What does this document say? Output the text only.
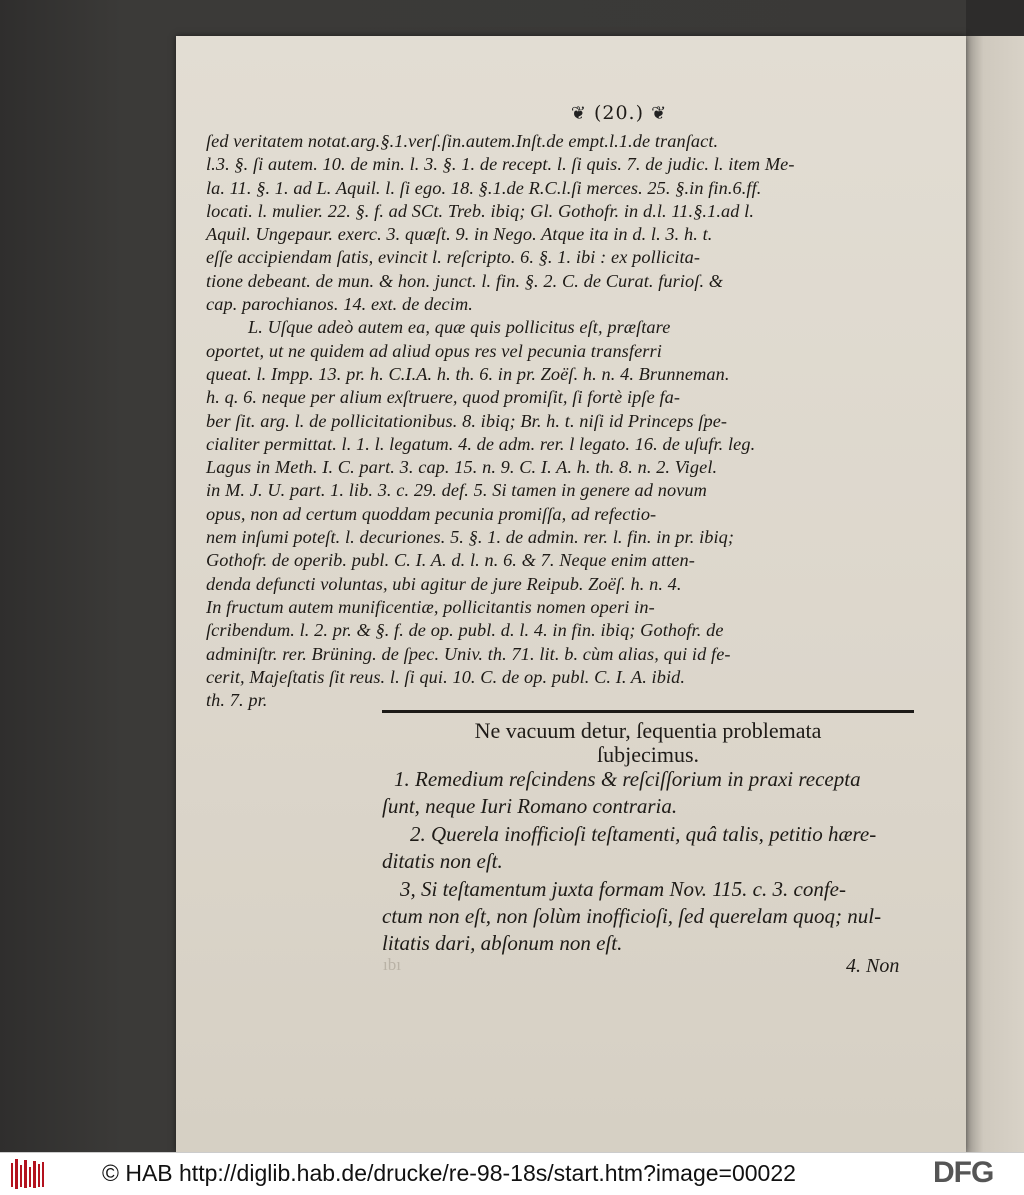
❦ (20.) ❦
ſed veritatem notat.arg.§.1.verſ.ſin.autem.Inſt.de empt.l.1.de tranſact.
l.3. §. ſi autem. 10. de min. l. 3. §. 1. de recept. l. ſi quis. 7. de judic. l. item Me-
la. 11. §. 1. ad L. Aquil. l. ſi ego. 18. §.1.de R.C.l.ſi merces. 25. §.in fin.6.ff.
locati. l. mulier. 22. §. f. ad SCt. Treb. ibiq; Gl. Gothofr. in d.l. 11.§.1.ad l.
Aquil. Ungepaur. exerc. 3. quæſt. 9. in Nego. Atque ita in d. l. 3. h. t.
eſſe accipiendam ſatis, evincit l. reſcripto. 6. §. 1. ibi : ex pollicita-
tione debeant. de mun. & hon. junct. l. fin. §. 2. C. de Curat. furioſ. &
cap. parochianos. 14. ext. de decim.
L. Uſque adeò autem ea, quæ quis pollicitus eſt, præſtare
oportet, ut ne quidem ad aliud opus res vel pecunia transferri
queat. l. Impp. 13. pr. h. C.I.A. h. th. 6. in pr. Zoëſ. h. n. 4. Brunneman.
h. q. 6. neque per alium exſtruere, quod promiſit, ſi fortè ipſe fa-
ber ſit. arg. l. de pollicitationibus. 8. ibiq; Br. h. t. niſi id Princeps ſpe-
cialiter permittat. l. 1. l. legatum. 4. de adm. rer. l legato. 16. de uſufr. leg.
Lagus in Meth. I. C. part. 3. cap. 15. n. 9. C. I. A. h. th. 8. n. 2. Vigel.
in M. J. U. part. 1. lib. 3. c. 29. def. 5. Si tamen in genere ad novum
opus, non ad certum quoddam pecunia promiſſa, ad refectio-
nem inſumi poteſt. l. decuriones. 5. §. 1. de admin. rer. l. fin. in pr. ibiq;
Gothofr. de operib. publ. C. I. A. d. l. n. 6. & 7. Neque enim atten-
denda defuncti voluntas, ubi agitur de jure Reipub. Zoëſ. h. n. 4.
In fructum autem munificentiæ, pollicitantis nomen operi in-
ſcribendum. l. 2. pr. & §. f. de op. publ. d. l. 4. in fin. ibiq; Gothofr. de
adminiſtr. rer. Brüning. de ſpec. Univ. th. 71. lit. b. cùm alias, qui id fe-
cerit, Majeſtatis ſit reus. l. ſi qui. 10. C. de op. publ. C. I. A. ibid.
th. 7. pr.
Ne vacuum detur, ſequentia problemata
ſubjecimus.
1. Remedium reſcindens & reſciſſorium in praxi recepta
ſunt, neque Iuri Romano contraria.
2. Querela inofficioſi teſtamenti, quâ talis, petitio hære-
ditatis non eſt.
3, Si teſtamentum juxta formam Nov. 115. c. 3. confe-
ctum non eſt, non ſolùm inofficioſi, ſed querelam quoq; nul-
litatis dari, abſonum non eſt.
ıbı	4. Non
© HAB http://diglib.hab.de/drucke/re-98-18s/start.htm?image=00022	DFG
